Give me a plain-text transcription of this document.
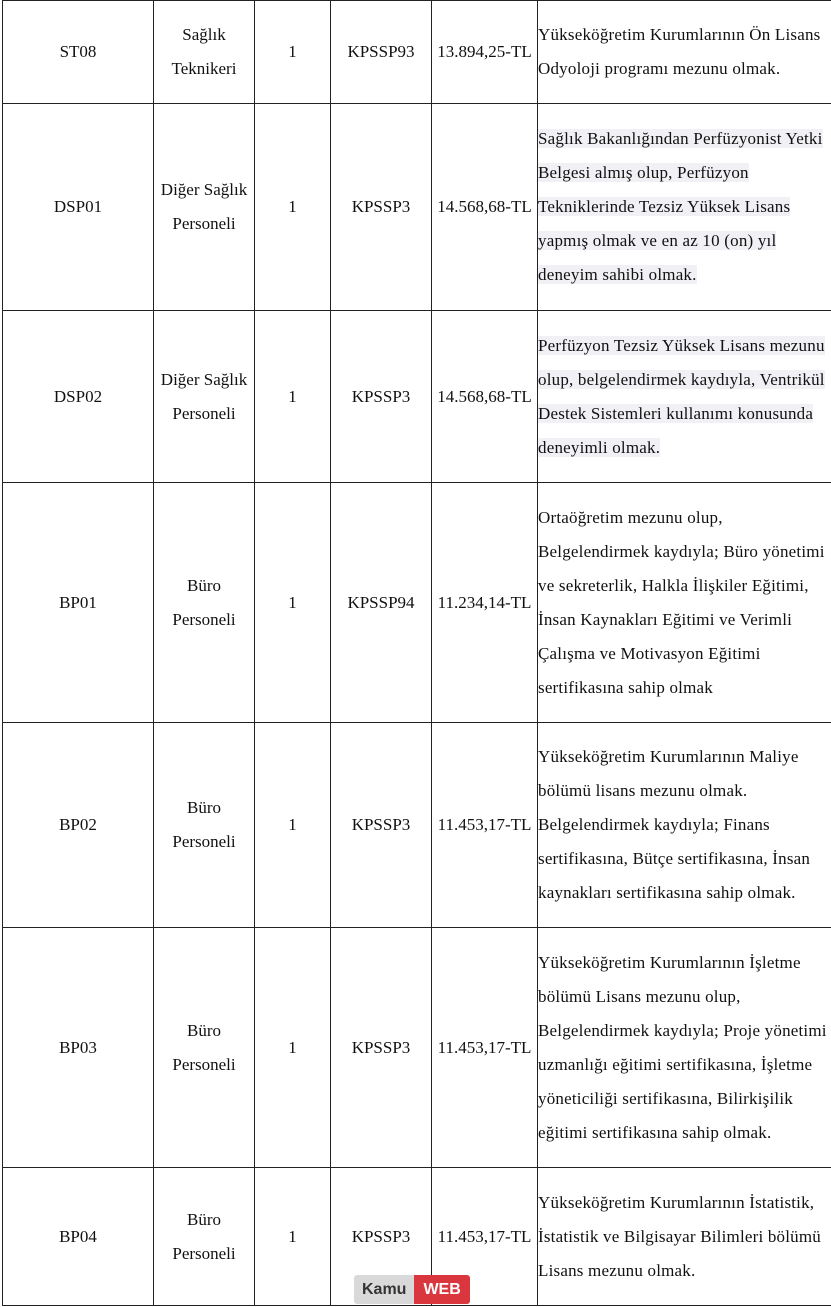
ST08	Sağlık Teknikeri	1	KPSSP93	13.894,25-TL	Yükseköğretim Kurumlarının Ön Lisans Odyoloji programı mezunu olmak.
DSP01	Diğer Sağlık Personeli	1	KPSSP3	14.568,68-TL	Sağlık Bakanlığından Perfüzyonist Yetki Belgesi almış olup, Perfüzyon Tekniklerinde Tezsiz Yüksek Lisans yapmış olmak ve en az 10 (on) yıl deneyim sahibi olmak.
DSP02	Diğer Sağlık Personeli	1	KPSSP3	14.568,68-TL	Perfüzyon Tezsiz Yüksek Lisans mezunu olup, belgelendirmek kaydıyla, Ventrikül Destek Sistemleri kullanımı konusunda deneyimli olmak.
BP01	Büro Personeli	1	KPSSP94	11.234,14-TL	Ortaöğretim mezunu olup, Belgelendirmek kaydıyla; Büro yönetimi ve sekreterlik, Halkla İlişkiler Eğitimi, İnsan Kaynakları Eğitimi ve Verimli Çalışma ve Motivasyon Eğitimi sertifikasına sahip olmak
BP02	Büro Personeli	1	KPSSP3	11.453,17-TL	Yükseköğretim Kurumlarının Maliye bölümü lisans mezunu olmak. Belgelendirmek kaydıyla; Finans sertifikasına, Bütçe sertifikasına, İnsan kaynakları sertifikasına sahip olmak.
BP03	Büro Personeli	1	KPSSP3	11.453,17-TL	Yükseköğretim Kurumlarının İşletme bölümü Lisans mezunu olup, Belgelendirmek kaydıyla; Proje yönetimi uzmanlığı eğitimi sertifikasına, İşletme yöneticiliği sertifikasına, Bilirkişilik eğitimi sertifikasına sahip olmak.
BP04	Büro Personeli	1	KPSSP3	11.453,17-TL	Yükseköğretim Kurumlarının İstatistik, İstatistik ve Bilgisayar Bilimleri bölümü Lisans mezunu olmak.
Kamu	WEB
